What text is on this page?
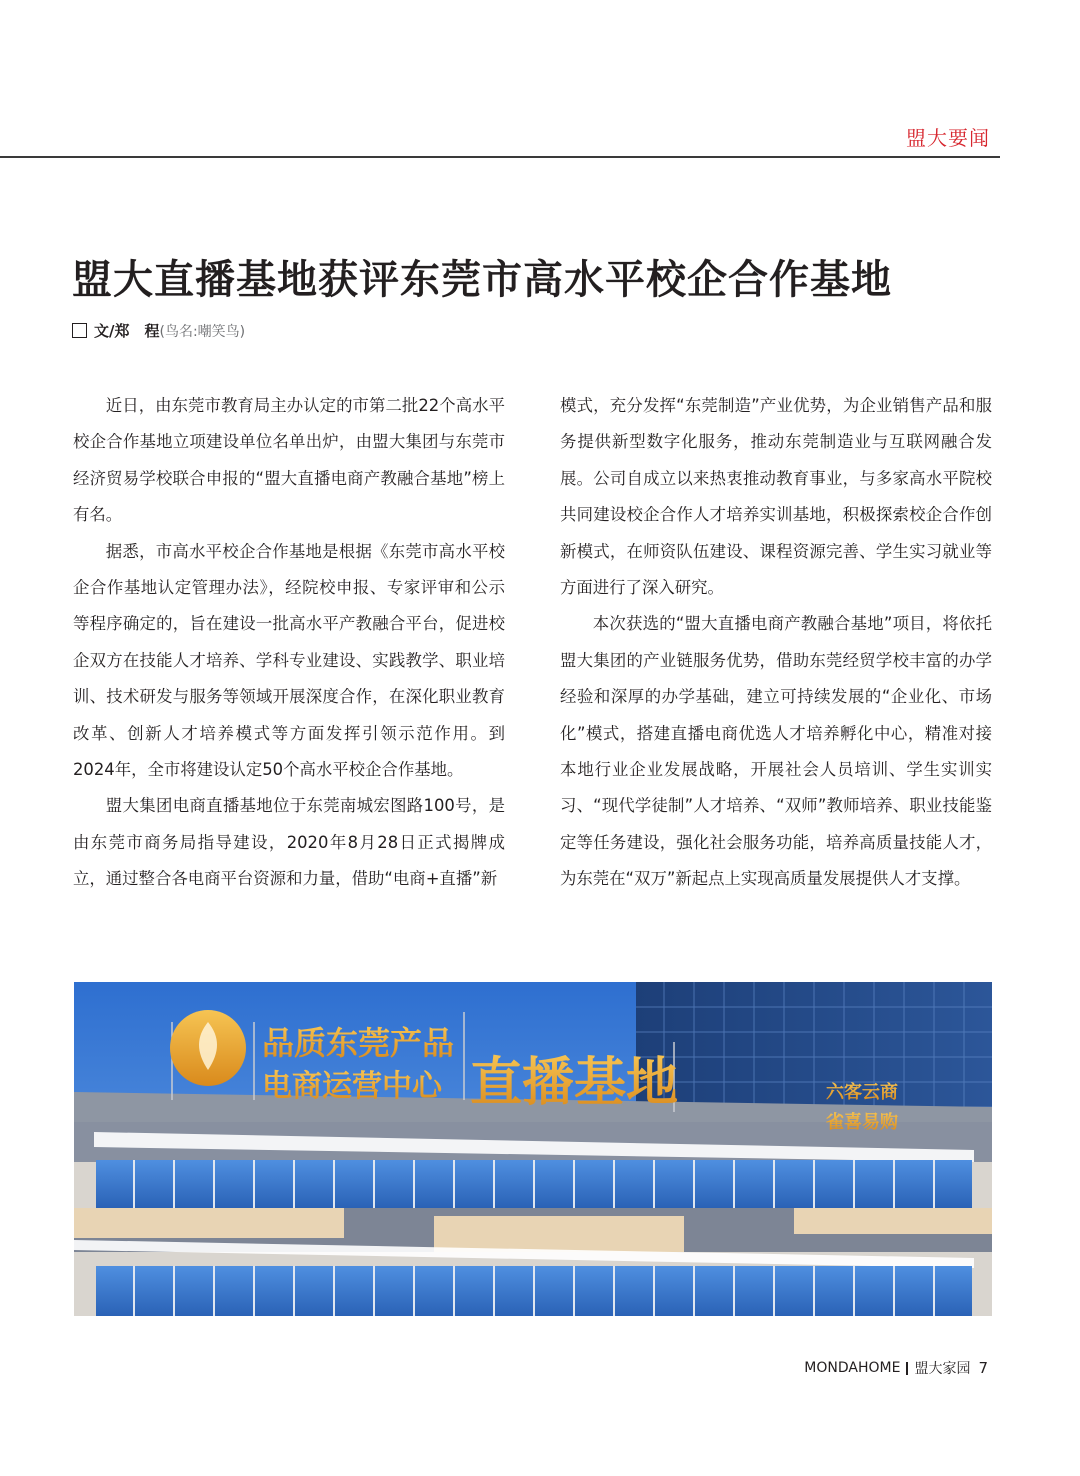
盟大要闻
盟大直播基地获评东莞市高水平校企合作基地
文/郑　程 (鸟名:嘲笑鸟)

近日，由东莞市教育局主办认定的市第二批22个高水平校企合作基地立项建设单位名单出炉，由盟大集团与东莞市经济贸易学校联合申报的“盟大直播电商产教融合基地”榜上有名。

据悉，市高水平校企合作基地是根据《东莞市高水平校企合作基地认定管理办法》，经院校申报、专家评审和公示等程序确定的，旨在建设一批高水平产教融合平台，促进校企双方在技能人才培养、学科专业建设、实践教学、职业培训、技术研发与服务等领域开展深度合作，在深化职业教育改革、创新人才培养模式等方面发挥引领示范作用。到2024年，全市将建设认定50个高水平校企合作基地。

盟大集团电商直播基地位于东莞南城宏图路100号，是由东莞市商务局指导建设，2020年8月28日正式揭牌成立，通过整合各电商平台资源和力量，借助“电商+直播”新

模式，充分发挥“东莞制造”产业优势，为企业销售产品和服务提供新型数字化服务，推动东莞制造业与互联网融合发展。公司自成立以来热衷推动教育事业，与多家高水平院校共同建设校企合作人才培养实训基地，积极探索校企合作创新模式，在师资队伍建设、课程资源完善、学生实习就业等方面进行了深入研究。

本次获选的“盟大直播电商产教融合基地”项目，将依托盟大集团的产业链服务优势，借助东莞经贸学校丰富的办学经验和深厚的办学基础，建立可持续发展的“企业化、市场化”模式，搭建直播电商优选人才培养孵化中心，精准对接本地行业企业发展战略，开展社会人员培训、学生实训实习、“现代学徒制”人才培养、“双师”教师培养、职业技能鉴定等任务建设，强化社会服务功能，培养高质量技能人才，为东莞在“双万”新起点上实现高质量发展提供人才支撑。

品质东莞产品
电商运营中心 直播基地	六客云商
雀喜易购
MONDAHOME 盟大家园 7
